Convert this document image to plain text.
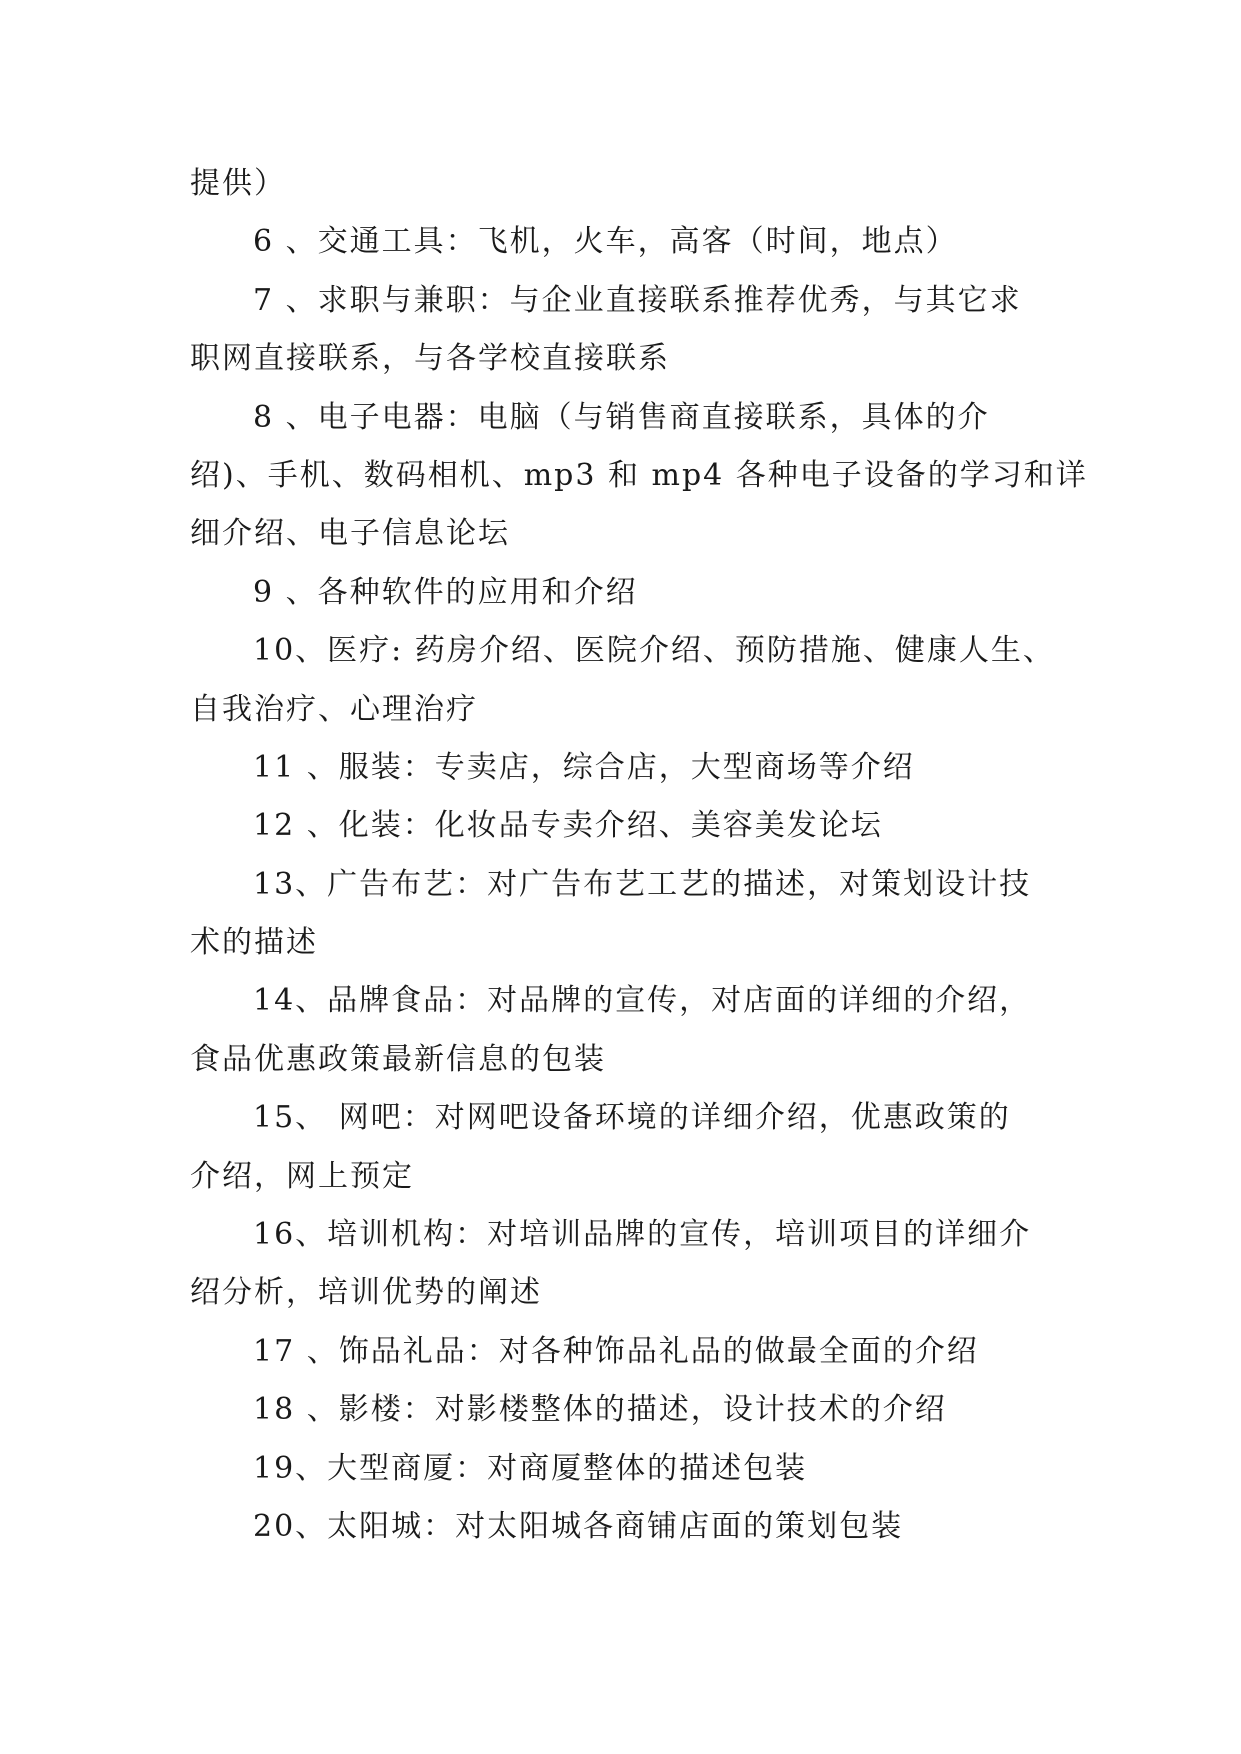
提供）
6 、交通工具：飞机，火车，高客（时间，地点）
7 、求职与兼职：与企业直接联系推荐优秀，与其它求
职网直接联系，与各学校直接联系
8 、电子电器：电脑（与销售商直接联系，具体的介
绍)、手机、数码相机、mp3 和 mp4 各种电子设备的学习和详
细介绍、电子信息论坛
9 、各种软件的应用和介绍
10、医疗: 药房介绍、医院介绍、预防措施、健康人生、
自我治疗、心理治疗
11 、服装：专卖店，综合店，大型商场等介绍
12 、化装：化妆品专卖介绍、美容美发论坛
13、广告布艺：对广告布艺工艺的描述，对策划设计技
术的描述
14、品牌食品：对品牌的宣传，对店面的详细的介绍，
食品优惠政策最新信息的包装
15、 网吧：对网吧设备环境的详细介绍，优惠政策的
介绍，网上预定
16、培训机构：对培训品牌的宣传，培训项目的详细介
绍分析，培训优势的阐述
17 、饰品礼品：对各种饰品礼品的做最全面的介绍
18 、影楼：对影楼整体的描述，设计技术的介绍
19、大型商厦：对商厦整体的描述包装
20、太阳城：对太阳城各商铺店面的策划包装
